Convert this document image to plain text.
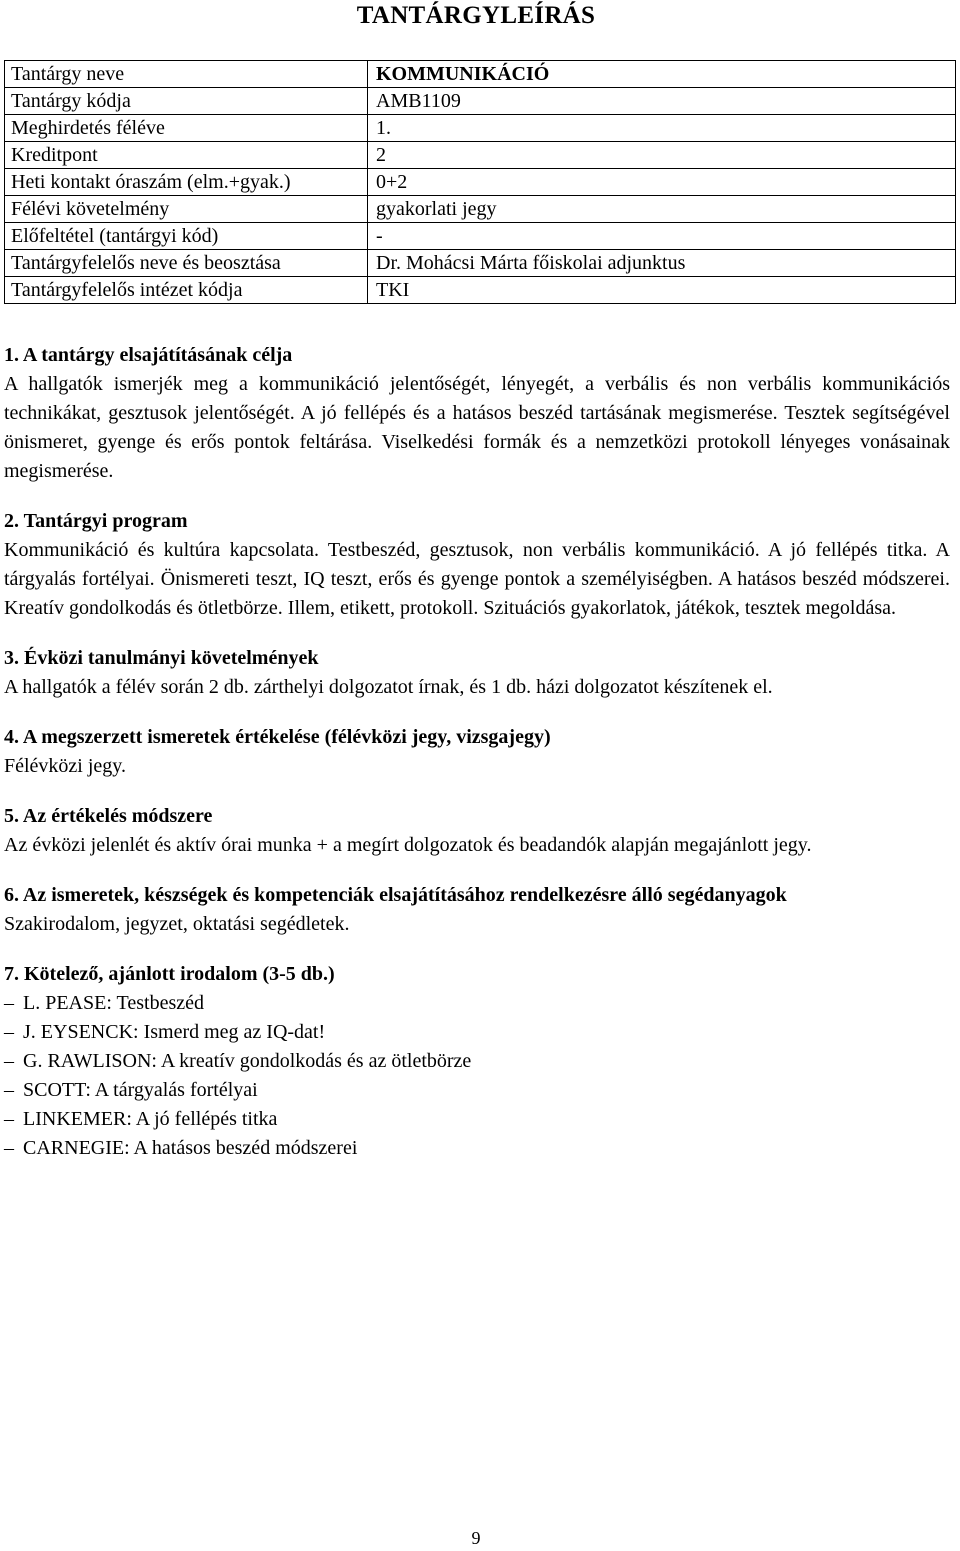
TANTÁRGYLEÍRÁS
Tantárgy neve	KOMMUNIKÁCIÓ
Tantárgy kódja	AMB1109
Meghirdetés féléve	1.
Kreditpont	2
Heti kontakt óraszám (elm.+gyak.)	0+2
Félévi követelmény	gyakorlati jegy
Előfeltétel (tantárgyi kód)	-
Tantárgyfelelős neve és beosztása	Dr. Mohácsi Márta főiskolai adjunktus
Tantárgyfelelős intézet kódja	TKI
1. A tantárgy elsajátításának célja

A hallgatók ismerjék meg a kommunikáció jelentőségét, lényegét, a verbális és non verbális kommunikációs technikákat, gesztusok jelentőségét. A jó fellépés és a hatásos beszéd tartásának megismerése. Tesztek segítségével önismeret, gyenge és erős pontok feltárása. Viselkedési formák és a nemzetközi protokoll lényeges vonásainak megismerése.

2. Tantárgyi program

Kommunikáció és kultúra kapcsolata. Testbeszéd, gesztusok, non verbális kommunikáció. A jó fellépés titka. A tárgyalás fortélyai. Önismereti teszt, IQ teszt, erős és gyenge pontok a személyiségben. A hatásos beszéd módszerei. Kreatív gondolkodás és ötletbörze. Illem, etikett, protokoll. Szituációs gyakorlatok, játékok, tesztek megoldása.

3. Évközi tanulmányi követelmények

A hallgatók a félév során 2 db. zárthelyi dolgozatot írnak, és 1 db. házi dolgozatot készítenek el.

4. A megszerzett ismeretek értékelése (félévközi jegy, vizsgajegy)

Félévközi jegy.

5. Az értékelés módszere

Az évközi jelenlét és aktív órai munka + a megírt dolgozatok és beadandók alapján megajánlott jegy.

6. Az ismeretek, készségek és kompetenciák elsajátításához rendelkezésre álló segédanyagok

Szakirodalom, jegyzet, oktatási segédletek.

7. Kötelező, ajánlott irodalom (3-5 db.)
– L. PEASE: Testbeszéd
– J. EYSENCK: Ismerd meg az IQ-dat!
– G. RAWLISON: A kreatív gondolkodás és az ötletbörze
– SCOTT: A tárgyalás fortélyai
– LINKEMER: A jó fellépés titka
– CARNEGIE: A hatásos beszéd módszerei
9
